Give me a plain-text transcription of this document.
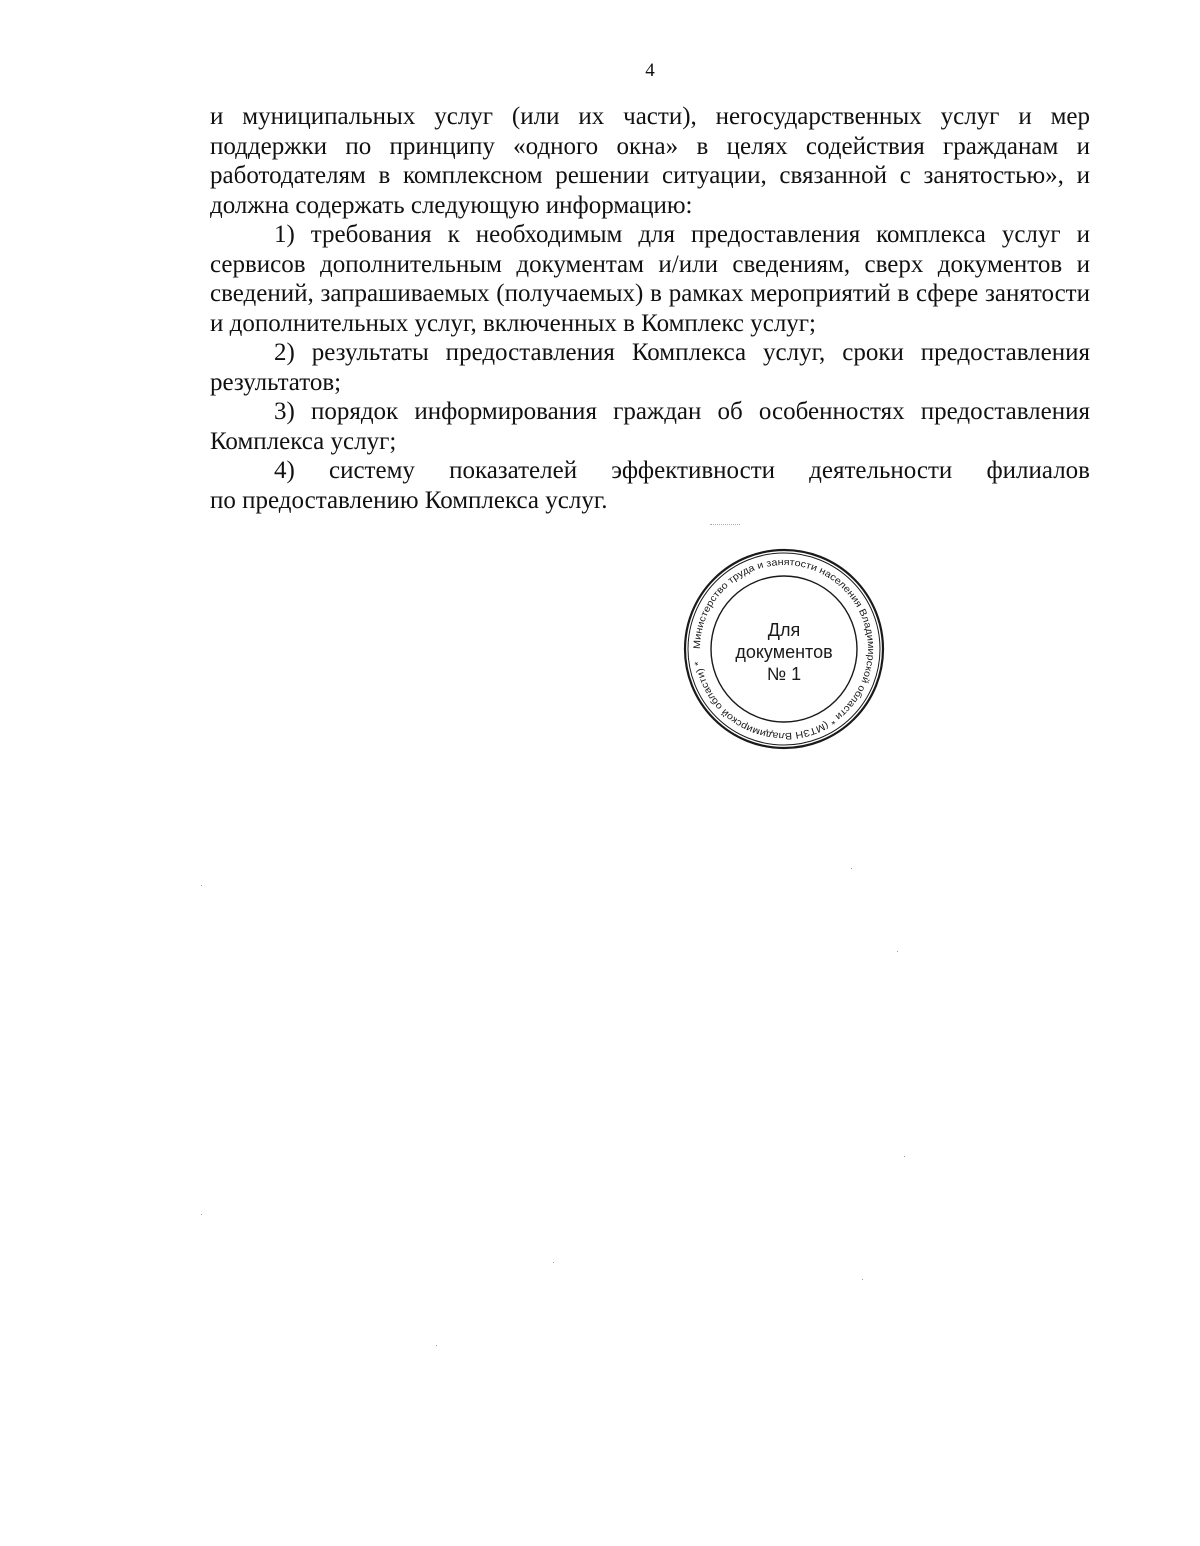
4

и муниципальных услуг (или их части), негосударственных услуг и мер поддержки по принципу «одного окна» в целях содействия гражданам и работодателям в комплексном решении ситуации, связанной с занятостью», и должна содержать следующую информацию:

1) требования к необходимым для предоставления комплекса услуг и сервисов дополнительным документам и/или сведениям, сверх документов и сведений, запрашиваемых (получаемых) в рамках мероприятий в сфере занятости и дополнительных услуг, включенных в Комплекс услуг;

2) результаты предоставления Комплекса услуг, сроки предоставления результатов;

3) порядок информирования граждан об особенностях предоставления Комплекса услуг;

4) систему показателей эффективности деятельности филиалов

по предоставлению Комплекса услуг.

Министерство труда и занятости населения Владимирской области * (МТЗН Владимирской области) *
Для
документов
№ 1
